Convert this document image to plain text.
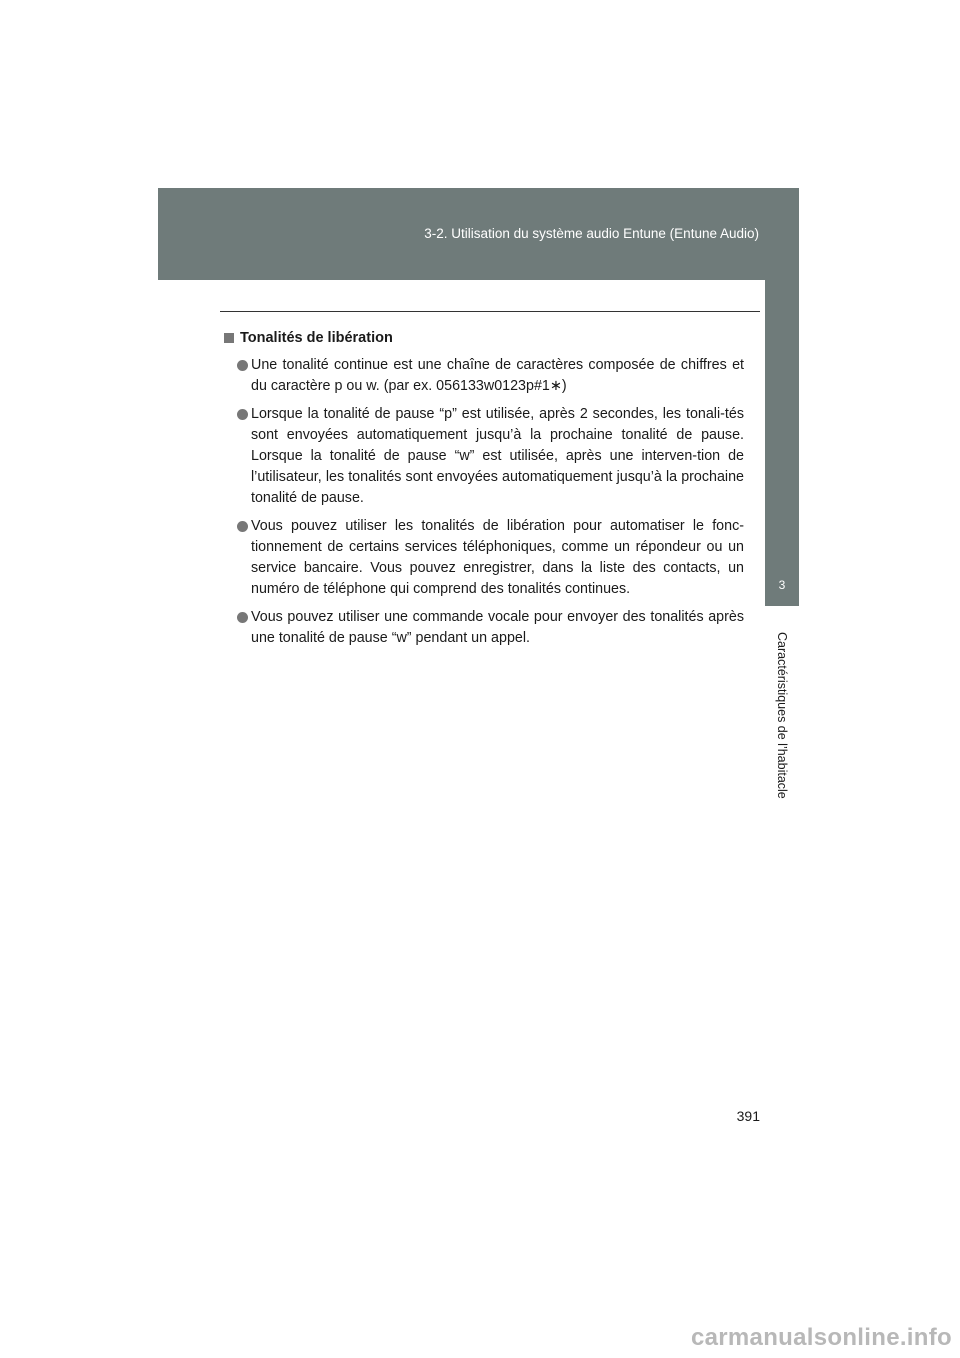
3-2. Utilisation du système audio Entune (Entune Audio)
3
Caractéristiques de l’habitacle
Tonalités de libération
Une tonalité continue est une chaîne de caractères composée de chiffres et du caractère p ou w. (par ex. 056133w0123p#1∗)
Lorsque la tonalité de pause “p” est utilisée, après 2 secondes, les tonali-tés sont envoyées automatiquement jusqu’à la prochaine tonalité de pause. Lorsque la tonalité de pause “w” est utilisée, après une interven-tion de l’utilisateur, les tonalités sont envoyées automatiquement jusqu’à la prochaine tonalité de pause.
Vous pouvez utiliser les tonalités de libération pour automatiser le fonc-tionnement de certains services téléphoniques, comme un répondeur ou un service bancaire. Vous pouvez enregistrer, dans la liste des contacts, un numéro de téléphone qui comprend des tonalités continues.
Vous pouvez utiliser une commande vocale pour envoyer des tonalités après une tonalité de pause “w” pendant un appel.
391
carmanualsonline.info
